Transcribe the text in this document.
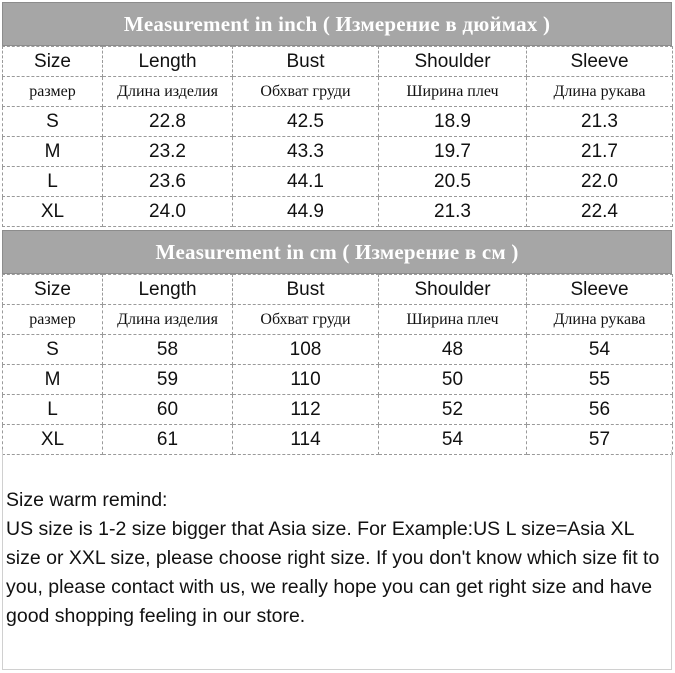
Measurement in inch ( Измерение в дюймах )
Size	Length	Bust	Shoulder	Sleeve
размер	Длина изделия	Обхват груди	Ширина плеч	Длина рукава
S	22.8	42.5	18.9	21.3
M	23.2	43.3	19.7	21.7
L	23.6	44.1	20.5	22.0
XL	24.0	44.9	21.3	22.4
Measurement in cm ( Измерение в см )
Size	Length	Bust	Shoulder	Sleeve
размер	Длина изделия	Обхват груди	Ширина плеч	Длина рукава
S	58	108	48	54
M	59	110	50	55
L	60	112	52	56
XL	61	114	54	57

Size warm remind:

US size is 1-2 size bigger that Asia size. For Example:US L size=Asia XL size or XXL size, please choose right size. If you don't know which size fit to you, please contact with us, we really hope you can get right size and have good shopping feeling in our store.
